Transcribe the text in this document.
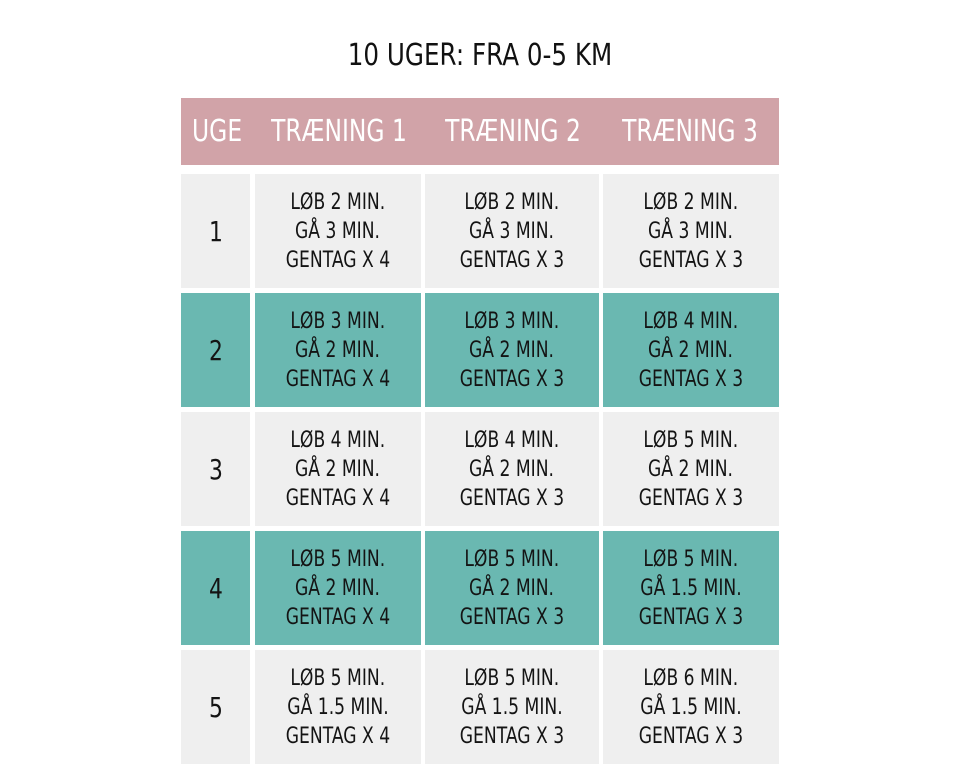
10 UGER: FRA 0-5 KM
UGE TRÆNING 1 TRÆNING 2 TRÆNING 3
1
LØB 2 MIN.
GÅ 3 MIN.
GENTAG X 4
LØB 2 MIN.
GÅ 3 MIN.
GENTAG X 3
LØB 2 MIN.
GÅ 3 MIN.
GENTAG X 3
2
LØB 3 MIN.
GÅ 2 MIN.
GENTAG X 4
LØB 3 MIN.
GÅ 2 MIN.
GENTAG X 3
LØB 4 MIN.
GÅ 2 MIN.
GENTAG X 3
3
LØB 4 MIN.
GÅ 2 MIN.
GENTAG X 4
LØB 4 MIN.
GÅ 2 MIN.
GENTAG X 3
LØB 5 MIN.
GÅ 2 MIN.
GENTAG X 3
4
LØB 5 MIN.
GÅ 2 MIN.
GENTAG X 4
LØB 5 MIN.
GÅ 2 MIN.
GENTAG X 3
LØB 5 MIN.
GÅ 1.5 MIN.
GENTAG X 3
5
LØB 5 MIN.
GÅ 1.5 MIN.
GENTAG X 4
LØB 5 MIN.
GÅ 1.5 MIN.
GENTAG X 3
LØB 6 MIN.
GÅ 1.5 MIN.
GENTAG X 3
